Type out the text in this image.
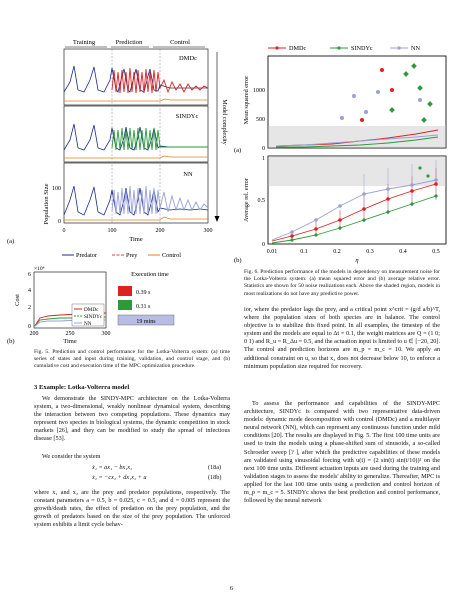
Training	Prediction	Control
DMDc
SINDYc
NN
100
0
Population Size
0	100	200	300
Time
(a)
Model complexity
Predator	Prey	Control
×10⁴
6
4
2
0
Cost
200	250	300
Time
(b)
DMDc
SINDYc
NN
Execution time
0.39 s
0.31 s
19 mins
Fig. 5. Prediction and control performance for the Lotka-Volterra system: (a) time series of states and input during training, validation, and control stage, and (b) cumulative cost and execution time of the MPC optimization procedure.
3 Example: Lotka-Volterra model
We demonstrate the SINDY-MPC architecture on the Lotka-Volterra system, a two-dimensional, weakly nonlinear dynamical system, describing the interaction between two competing populations. These dynamics may represent two species in biological systems, the dynamic competition in stock markets [26], and they can be modified to study the spread of infectious disease [53].
We consider the system
ẋ₁ = ax₁ − bx₁x₂	(18a)
ẋ₂ = −cx₂ + dx₁x₂ + u	(18b)
where x₁ and x₂ are the prey and predator populations, respectively. The constant parameters a = 0.5, b = 0.025, c = 0.5, and d = 0.005 represent the growth/death rates, the effect of predation on the prey population, and the growth of predators based on the size of the prey population. The unforced system exhibits a limit cycle behav-
DMDc	SINDYc	NN
1000
500
0
Mean squared error
(a)
1
0.5
0
Average rel. error
0.01	0.1	0.2	0.3	0.4	0.5
η
(b)
Fig. 6. Prediction performance of the models in dependency on measurement noise for the Lotka-Volterra system: (a) mean squared error and (b) average relative error. Statistics are shown for 50 noise realizations each. Above the shaded region, models in most realizations do not have any predictive power.
ior, where the predator lags the prey, and a critical point x^crit = (g/d a/b)^T, where the population sizes of both species are in balance. The control objective is to stabilize this fixed point. In all examples, the timestep of the system and the models are equal to Δt = 0.1, the weight matrices are Q = (1 0; 0 1) and R_u = R_Δu = 0.5, and the actuation input is limited to u ∈ [−20, 20]. The control and prediction horizons are m_p = m_c = 10. We apply an additional constraint on u, so that x₂ does not decrease below 10, to enforce a minimum population size required for recovery.
To assess the performance and capabilities of the SINDY-MPC architecture, SINDYc is compared with two representative data-driven models: dynamic mode decomposition with control (DMDc) and a multilayer neural network (NN), which can represent any continuous function under mild conditions [20]. The results are displayed in Fig. 5. The first 100 time units are used to train the models using a phase-shifted sum of sinusoids, a so-called Schroeder sweep [? ], after which the predictive capabilities of these models are validated using sinusoidal forcing with u(t) = (2 sin(t) sin(t/10))² on the next 100 time units. Different actuation inputs are used during the training and validation stages to assess the models' ability to generalize. Thereafter, MPC is applied for the last 100 time units using a prediction and control horizon of m_p = m_c = 5. SINDYc shows the best prediction and control performance, followed by the neural network
6
